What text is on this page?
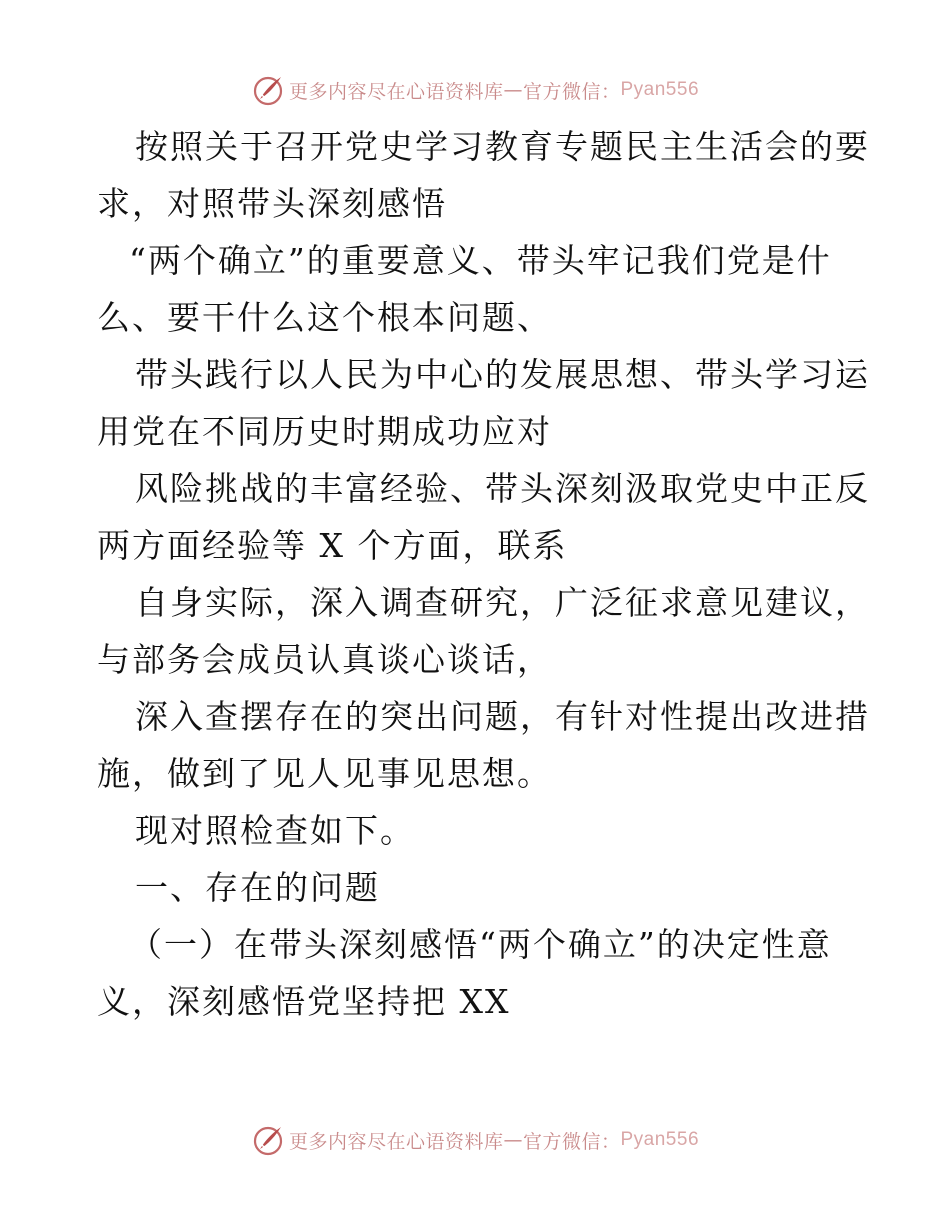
更多内容尽在心语资料库 — 官方微信： Pyan556
按照关于召开党史学习教育专题民主生活会的要
求，对照带头深刻感悟
“两个确立”的重要意义、带头牢记我们党是什
么、要干什么这个根本问题、
带头践行以人民为中心的发展思想、带头学习运
用党在不同历史时期成功应对
风险挑战的丰富经验、带头深刻汲取党史中正反
两方面经验等 X 个方面，联系
自身实际，深入调查研究，广泛征求意见建议，
与部务会成员认真谈心谈话，
深入查摆存在的突出问题，有针对性提出改进措
施，做到了见人见事见思想。
现对照检查如下。
一、存在的问题
（一）在带头深刻感悟“两个确立”的决定性意
义，深刻感悟党坚持把 XX
更多内容尽在心语资料库 — 官方微信： Pyan556
